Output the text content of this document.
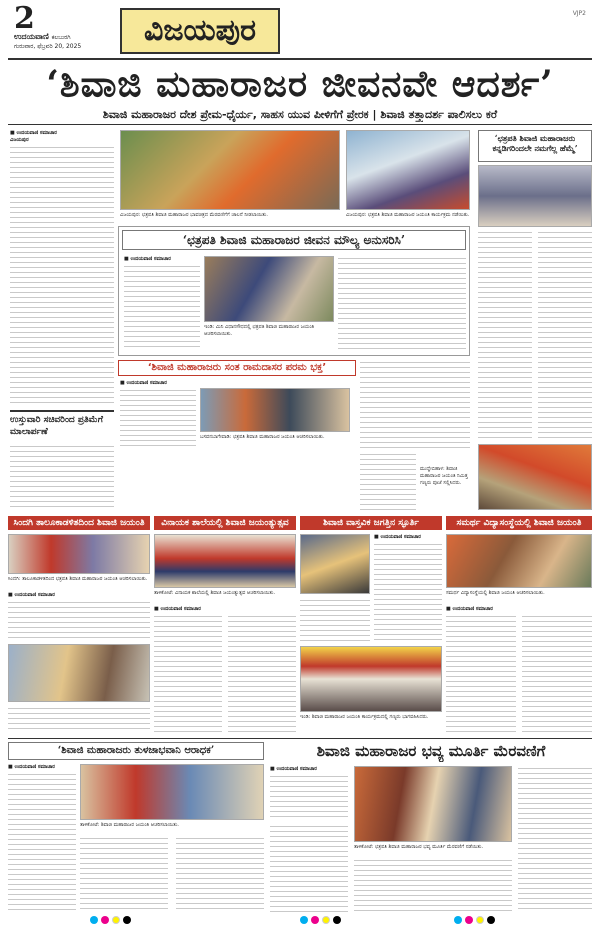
2
ಉದಯವಾಣಿ ಕಲಬುರಗಿ
ಗುರುವಾರ, ಫೆಬ್ರವರಿ 20, 2025	ವಿಜಯಪುರ	VJP2
‘ಶಿವಾಜಿ ಮಹಾರಾಜರ ಜೀವನವೇ ಆದರ್ಶ’
ಶಿವಾಜಿ ಮಹಾರಾಜರ ದೇಶ ಪ್ರೇಮ-ಧೈರ್ಯ, ಸಾಹಸ ಯುವ ಪೀಳಿಗೆಗೆ ಪ್ರೇರಕ | ಶಿವಾಜಿ ತತ್ತ್ವಾದರ್ಶ ಪಾಲಿಸಲು ಕರೆ
■ ಉದಯವಾಣಿ ಸಮಾಚಾರ
ವಿಜಯಪುರ
ವಿಜಯಪುರ: ಛತ್ರಪತಿ ಶಿವಾಜಿ ಮಹಾರಾಜರ ಭಾವಚಿತ್ರದ ಮೆರವಣಿಗೆಗೆ ಚಾಲನೆ ನೀಡಲಾಯಿತು.	ವಿಜಯಪುರ: ಛತ್ರಪತಿ ಶಿವಾಜಿ ಮಹಾರಾಜರ ಜಯಂತಿ ಕಾರ್ಯಕ್ರಮ ನಡೆಯಿತು.
‘ಛತ್ರಪತಿ ಶಿವಾಜಿ ಮಹಾರಾಜರು ಕನ್ನಡಿಗರಿಂದಲೇ ನಮಗೆಲ್ಲ ಹೆಮ್ಮೆ’
‘ಛತ್ರಪತಿ ಶಿವಾಜಿ ಮಹಾರಾಜರ ಜೀವನ ಮೌಲ್ಯ ಅನುಸರಿಸಿ’
■ ಉದಯವಾಣಿ ಸಮಾಚಾರ
ಇಂಡಿ: ಮಿನಿ ವಿಧಾನಸೌಧದಲ್ಲಿ ಛತ್ರಪತಿ ಶಿವಾಜಿ ಮಹಾರಾಜರ ಜಯಂತಿ ಆಚರಿಸಲಾಯಿತು.
‘ಶಿವಾಜಿ ಮಹಾರಾಜರು ಸಂತ ರಾಮದಾಸರ ಪರಮ ಭಕ್ತ’
■ ಉದಯವಾಣಿ ಸಮಾಚಾರ
ಬಸವನಬಾಗೇವಾಡಿ: ಛತ್ರಪತಿ ಶಿವಾಜಿ ಮಹಾರಾಜರ ಜಯಂತಿ ಆಚರಿಸಲಾಯಿತು.
ಉಸ್ತುವಾರಿ ಸಚಿವರಿಂದ ಪ್ರತಿಮೆಗೆ ಮಾಲಾರ್ಪಣೆ
ಮುದ್ದೇಬಿಹಾಳ: ಶಿವಾಜಿ ಮಹಾರಾಜರ ಜಯಂತಿ ನಿಮಿತ್ತ ಗಣ್ಯರು ಪೂಜೆ ಸಲ್ಲಿಸಿದರು.
ಸಿಂದಗಿ ತಾಲೂಕಾಡಳಿತದಿಂದ ಶಿವಾಜಿ ಜಯಂತಿ	ವಿನಾಯಕ ಶಾಲೆಯಲ್ಲಿ ಶಿವಾಜಿ ಜಯಂತ್ಯುತ್ಸವ	ಶಿವಾಜಿ ವಾಸ್ತವಿಕ ಜಗತ್ತಿನ ಸ್ಫೂರ್ತಿ	ಸಮರ್ಥ ವಿದ್ಯಾಸಂಸ್ಥೆಯಲ್ಲಿ ಶಿವಾಜಿ ಜಯಂತಿ
ಸಿಂದಗಿ: ತಾಲೂಕಾಡಳಿತದಿಂದ ಛತ್ರಪತಿ ಶಿವಾಜಿ ಮಹಾರಾಜರ ಜಯಂತಿ ಆಚರಿಸಲಾಯಿತು.
■ ಉದಯವಾಣಿ ಸಮಾಚಾರ	ತಾಳಿಕೋಟೆ: ವಿನಾಯಕ ಶಾಲೆಯಲ್ಲಿ ಶಿವಾಜಿ ಜಯಂತ್ಯುತ್ಸವ ಆಚರಿಸಲಾಯಿತು.
■ ಉದಯವಾಣಿ ಸಮಾಚಾರ
■ ಉದಯವಾಣಿ ಸಮಾಚಾರ
ಇಂಡಿ: ಶಿವಾಜಿ ಮಹಾರಾಜರ ಜಯಂತಿ ಕಾರ್ಯಕ್ರಮದಲ್ಲಿ ಗಣ್ಯರು ಭಾಗವಹಿಸಿದರು.
ಸಮರ್ಥ ವಿದ್ಯಾಸಂಸ್ಥೆಯಲ್ಲಿ ಶಿವಾಜಿ ಜಯಂತಿ ಆಚರಿಸಲಾಯಿತು.
■ ಉದಯವಾಣಿ ಸಮಾಚಾರ
‘ಶಿವಾಜಿ ಮಹಾರಾಜರು ತುಳಜಾಭವಾನಿ ಆರಾಧಕ’
■ ಉದಯವಾಣಿ ಸಮಾಚಾರ
ತಾಳಿಕೋಟೆ: ಶಿವಾಜಿ ಮಹಾರಾಜರ ಜಯಂತಿ ಆಚರಿಸಲಾಯಿತು.
ಶಿವಾಜಿ ಮಹಾರಾಜರ ಭವ್ಯ ಮೂರ್ತಿ ಮೆರವಣಿಗೆ
■ ಉದಯವಾಣಿ ಸಮಾಚಾರ
ತಾಳಿಕೋಟೆ: ಛತ್ರಪತಿ ಶಿವಾಜಿ ಮಹಾರಾಜರ ಭವ್ಯ ಮೂರ್ತಿ ಮೆರವಣಿಗೆ ನಡೆಯಿತು.
